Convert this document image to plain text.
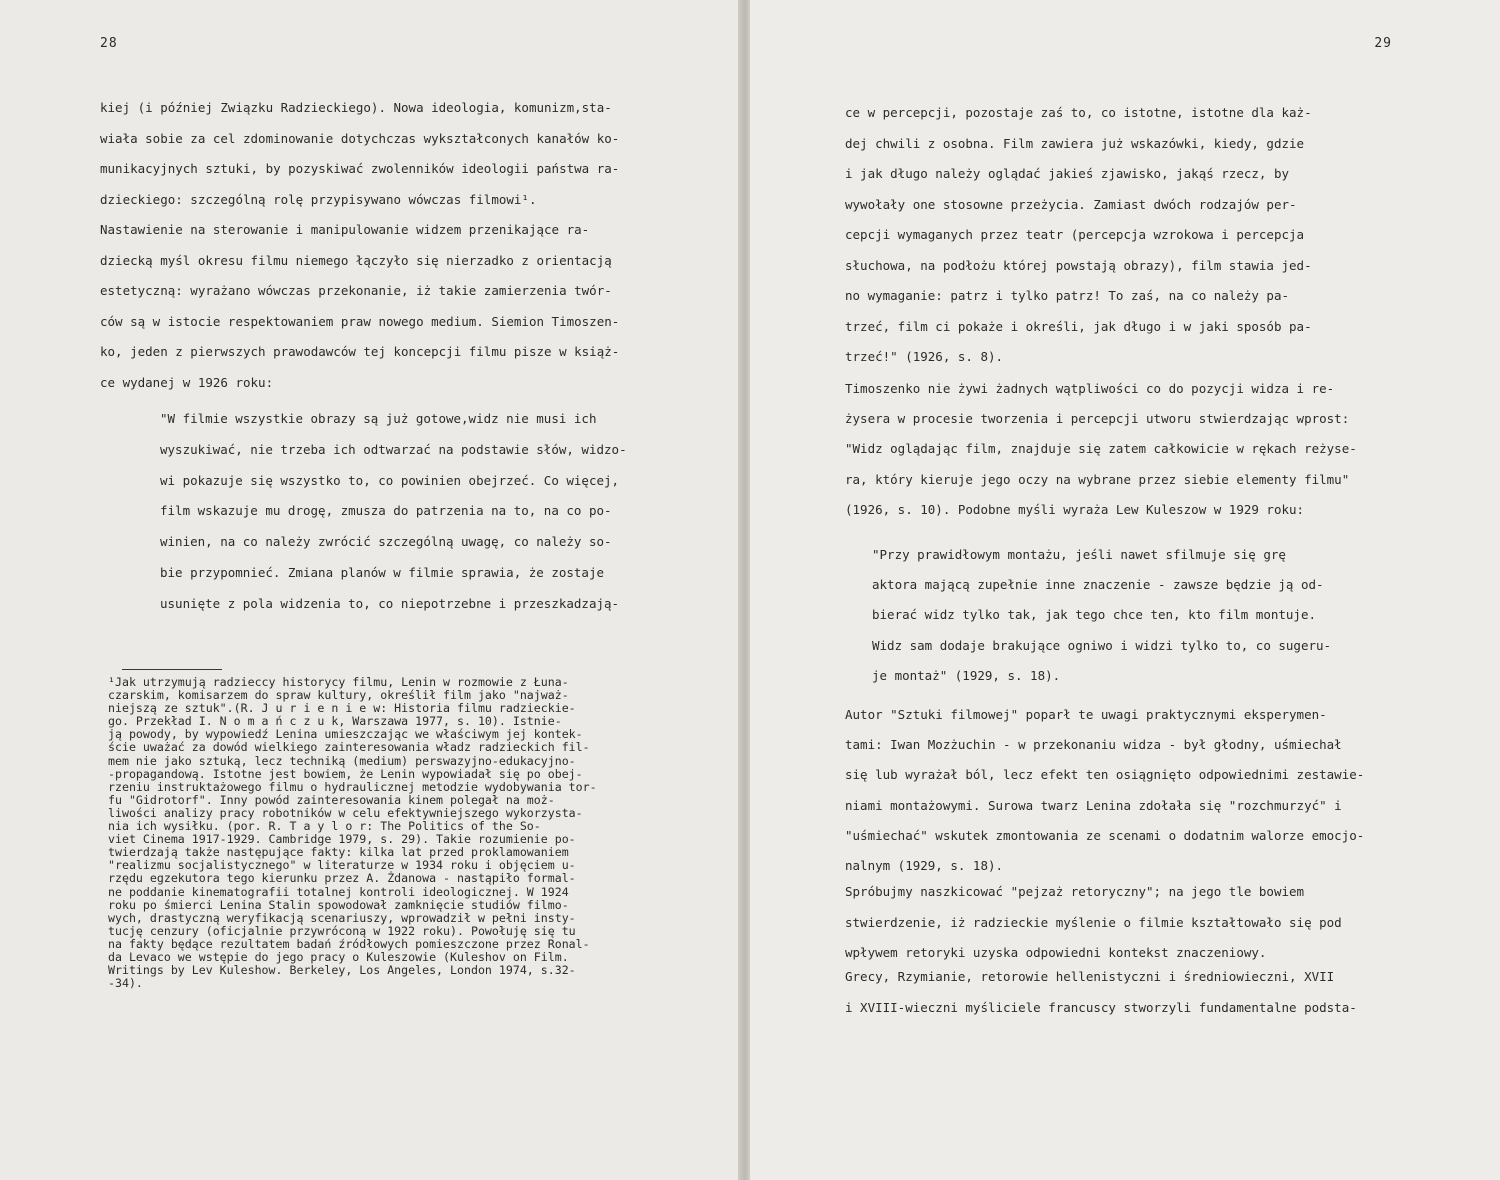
28
kiej (i później Związku Radzieckiego). Nowa ideologia, komunizm,sta-
wiała sobie za cel zdominowanie dotychczas wykształconych kanałów ko-
munikacyjnych sztuki, by pozyskiwać zwolenników ideologii państwa ra-
dzieckiego: szczególną rolę przypisywano wówczas filmowi¹.
Nastawienie na sterowanie i manipulowanie widzem przenikające ra-
dziecką myśl okresu filmu niemego łączyło się nierzadko z orientacją
estetyczną: wyrażano wówczas przekonanie, iż takie zamierzenia twór-
ców są w istocie respektowaniem praw nowego medium. Siemion Timoszen-
ko, jeden z pierwszych prawodawców tej koncepcji filmu pisze w książ-
ce wydanej w 1926 roku:
"W filmie wszystkie obrazy są już gotowe,widz nie musi ich
wyszukiwać, nie trzeba ich odtwarzać na podstawie słów, widzo-
wi pokazuje się wszystko to, co powinien obejrzeć. Co więcej,
film wskazuje mu drogę, zmusza do patrzenia na to, na co po-
winien, na co należy zwrócić szczególną uwagę, co należy so-
bie przypomnieć. Zmiana planów w filmie sprawia, że zostaje
usunięte z pola widzenia to, co niepotrzebne i przeszkadzają-
¹Jak utrzymują radzieccy historycy filmu, Lenin w rozmowie z Łuna-
czarskim, komisarzem do spraw kultury, określił film jako "najważ-
niejszą ze sztuk".(R. J u r i e n i e w: Historia filmu radzieckie-
go. Przekład I. N o m a ń c z u k, Warszawa 1977, s. 10). Istnie-
ją powody, by wypowiedź Lenina umieszczając we właściwym jej kontek-
ście uważać za dowód wielkiego zainteresowania władz radzieckich fil-
mem nie jako sztuką, lecz techniką (medium) perswazyjno-edukacyjno-
-propagandową. Istotne jest bowiem, że Lenin wypowiadał się po obej-
rzeniu instruktażowego filmu o hydraulicznej metodzie wydobywania tor-
fu "Gidrotorf". Inny powód zainteresowania kinem polegał na moż-
liwości analizy pracy robotników w celu efektywniejszego wykorzysta-
nia ich wysiłku. (por. R. T a y l o r: The Politics of the So-
viet Cinema 1917-1929. Cambridge 1979, s. 29). Takie rozumienie po-
twierdzają także następujące fakty: kilka lat przed proklamowaniem
"realizmu socjalistycznego" w literaturze w 1934 roku i objęciem u-
rzędu egzekutora tego kierunku przez A. Żdanowa - nastąpiło formal-
ne poddanie kinematografii totalnej kontroli ideologicznej. W 1924
roku po śmierci Lenina Stalin spowodował zamknięcie studiów filmo-
wych, drastyczną weryfikacją scenariuszy, wprowadził w pełni insty-
tucję cenzury (oficjalnie przywróconą w 1922 roku). Powołuję się tu
na fakty będące rezultatem badań źródłowych pomieszczone przez Ronal-
da Levaco we wstępie do jego pracy o Kuleszowie (Kuleshov on Film.
Writings by Lev Kuleshow. Berkeley, Los Angeles, London 1974, s.32-
-34).
29
ce w percepcji, pozostaje zaś to, co istotne, istotne dla każ-
dej chwili z osobna. Film zawiera już wskazówki, kiedy, gdzie
i jak długo należy oglądać jakieś zjawisko, jakąś rzecz, by
wywołały one stosowne przeżycia. Zamiast dwóch rodzajów per-
cepcji wymaganych przez teatr (percepcja wzrokowa i percepcja
słuchowa, na podłożu której powstają obrazy), film stawia jed-
no wymaganie: patrz i tylko patrz! To zaś, na co należy pa-
trzeć, film ci pokaże i określi, jak długo i w jaki sposób pa-
trzeć!" (1926, s. 8).
Timoszenko nie żywi żadnych wątpliwości co do pozycji widza i re-
żysera w procesie tworzenia i percepcji utworu stwierdzając wprost:
"Widz oglądając film, znajduje się zatem całkowicie w rękach reżyse-
ra, który kieruje jego oczy na wybrane przez siebie elementy filmu"
(1926, s. 10). Podobne myśli wyraża Lew Kuleszow w 1929 roku:
"Przy prawidłowym montażu, jeśli nawet sfilmuje się grę
aktora mającą zupełnie inne znaczenie - zawsze będzie ją od-
bierać widz tylko tak, jak tego chce ten, kto film montuje.
Widz sam dodaje brakujące ogniwo i widzi tylko to, co sugeru-
je montaż" (1929, s. 18).
Autor "Sztuki filmowej" poparł te uwagi praktycznymi eksperymen-
tami: Iwan Mozżuchin - w przekonaniu widza - był głodny, uśmiechał
się lub wyrażał ból, lecz efekt ten osiągnięto odpowiednimi zestawie-
niami montażowymi. Surowa twarz Lenina zdołała się "rozchmurzyć" i
"uśmiechać" wskutek zmontowania ze scenami o dodatnim walorze emocjo-
nalnym (1929, s. 18).
Spróbujmy naszkicować "pejzaż retoryczny"; na jego tle bowiem
stwierdzenie, iż radzieckie myślenie o filmie kształtowało się pod
wpływem retoryki uzyska odpowiedni kontekst znaczeniowy.
Grecy, Rzymianie, retorowie hellenistyczni i średniowieczni, XVII
i XVIII-wieczni myśliciele francuscy stworzyli fundamentalne podsta-
